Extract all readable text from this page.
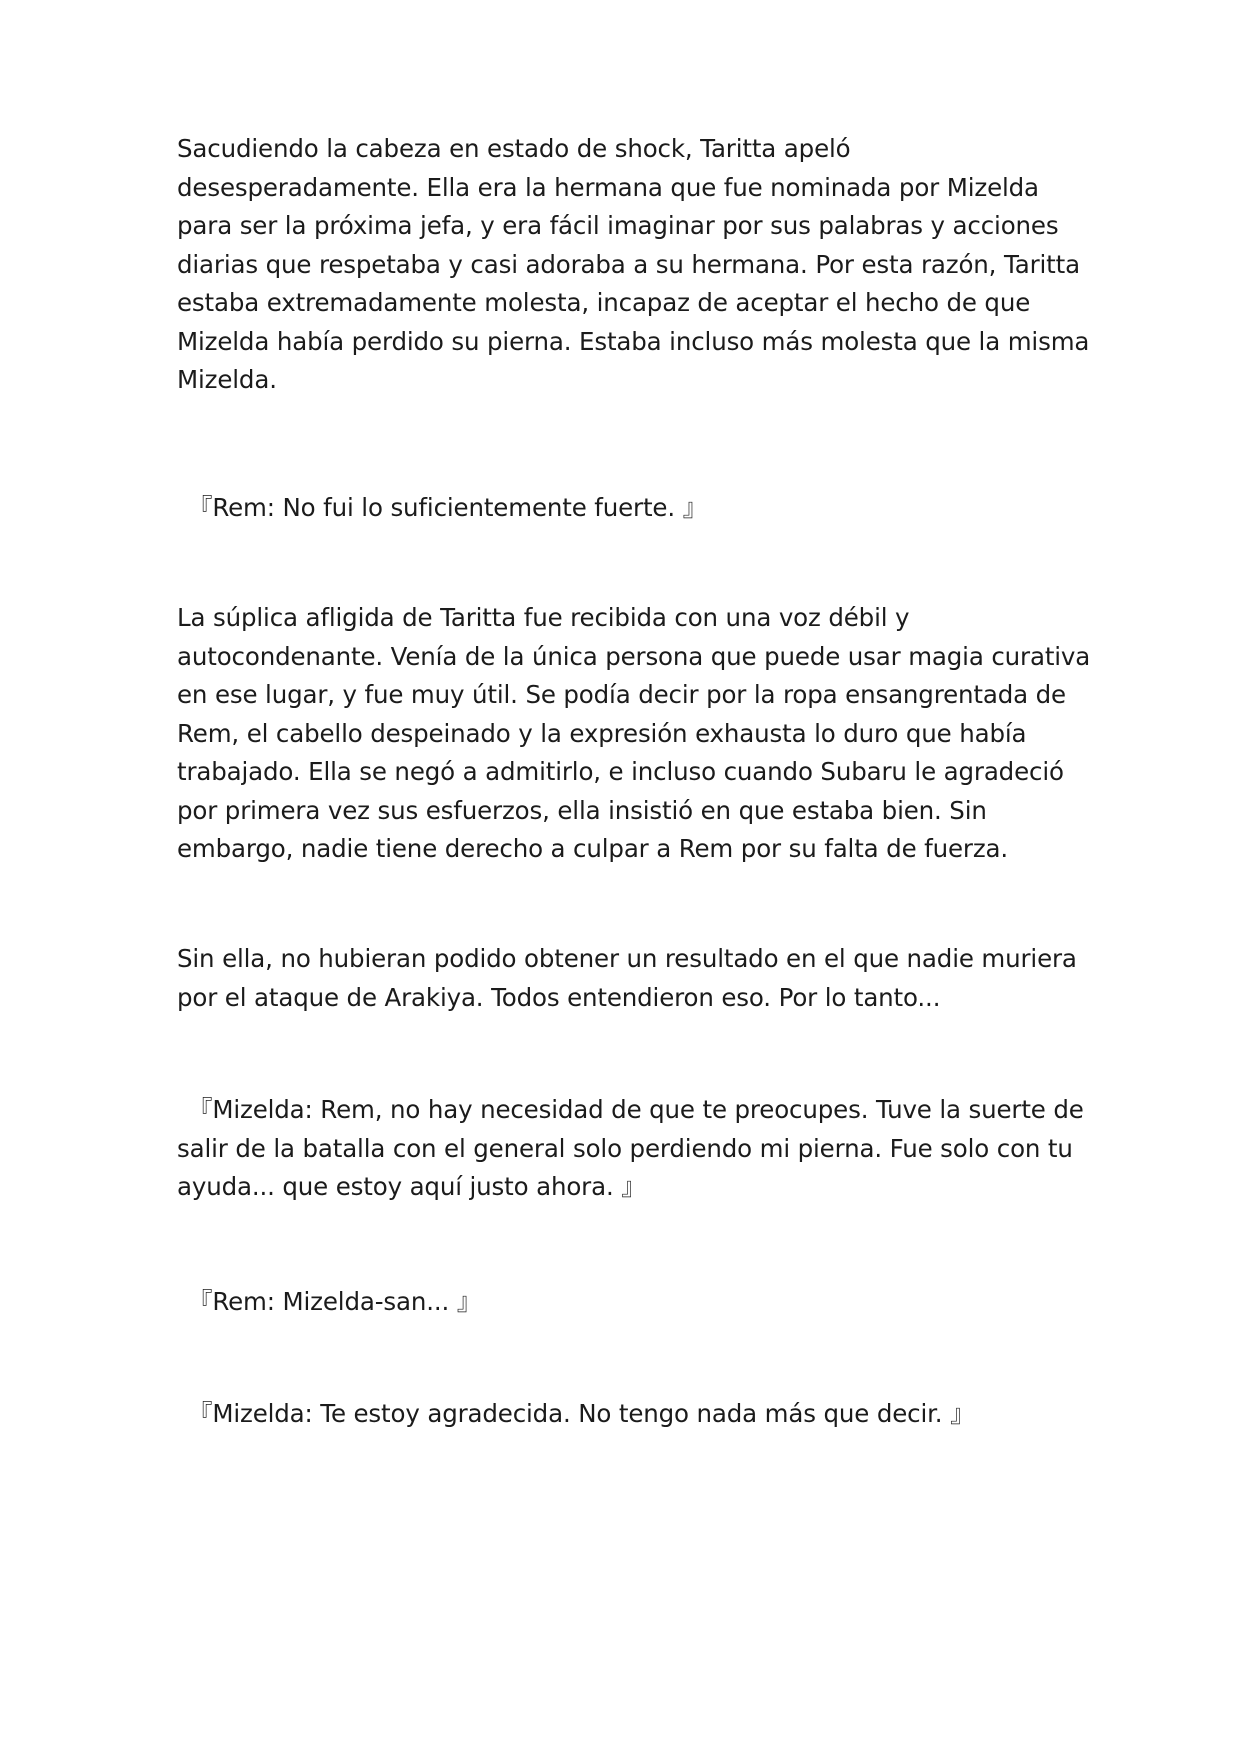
Sacudiendo la cabeza en estado de shock, Taritta apeló
desesperadamente. Ella era la hermana que fue nominada por Mizelda
para ser la próxima jefa, y era fácil imaginar por sus palabras y acciones
diarias que respetaba y casi adoraba a su hermana. Por esta razón, Taritta
estaba extremadamente molesta, incapaz de aceptar el hecho de que
Mizelda había perdido su pierna. Estaba incluso más molesta que la misma
Mizelda.

『Rem: No fui lo suficientemente fuerte. 』

La súplica afligida de Taritta fue recibida con una voz débil y
autocondenante. Venía de la única persona que puede usar magia curativa
en ese lugar, y fue muy útil. Se podía decir por la ropa ensangrentada de
Rem, el cabello despeinado y la expresión exhausta lo duro que había
trabajado. Ella se negó a admitirlo, e incluso cuando Subaru le agradeció
por primera vez sus esfuerzos, ella insistió en que estaba bien. Sin
embargo, nadie tiene derecho a culpar a Rem por su falta de fuerza.

Sin ella, no hubieran podido obtener un resultado en el que nadie muriera
por el ataque de Arakiya. Todos entendieron eso. Por lo tanto...

『Mizelda: Rem, no hay necesidad de que te preocupes. Tuve la suerte de
salir de la batalla con el general solo perdiendo mi pierna. Fue solo con tu
ayuda... que estoy aquí justo ahora. 』

『Rem: Mizelda-san... 』

『Mizelda: Te estoy agradecida. No tengo nada más que decir. 』
